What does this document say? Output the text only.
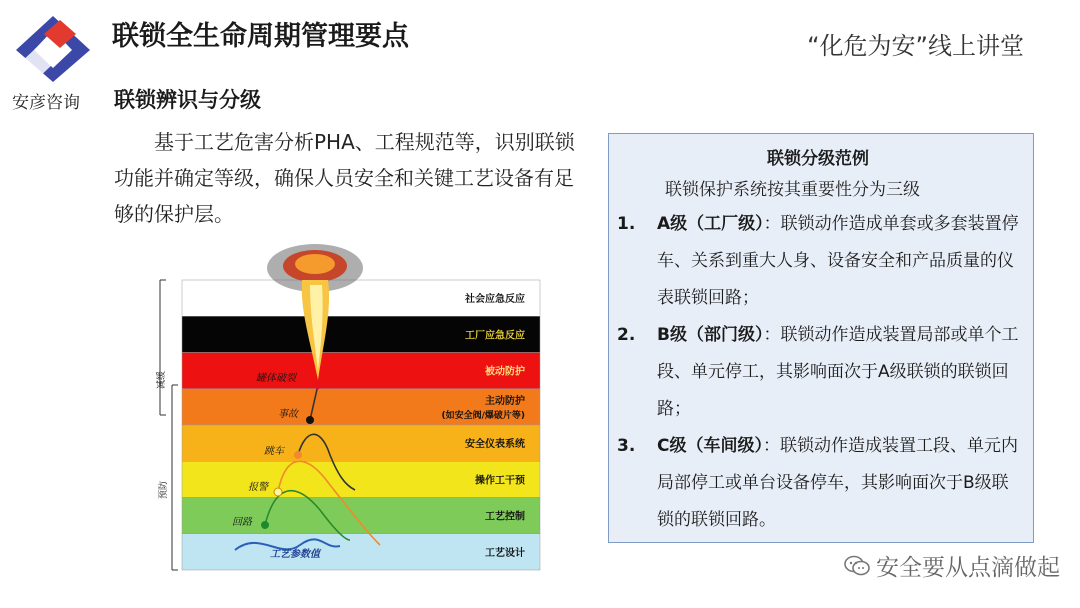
安彦咨询
联锁全生命周期管理要点	“化危为安”线上讲堂
联锁辨识与分级
基于工艺危害分析PHA、工程规范等，识别联锁功能并确定等级，确保人员安全和关键工艺设备有足够的保护层。
社会应急反应
工厂应急反应
被动防护
主动防护
(如安全阀/爆破片等)
安全仪表系统
操作工干预
工艺控制
工艺设计
减缓
预防
回路
报警
跳车
事故
罐体破裂
工艺参数值
联锁分级范例
联锁保护系统按其重要性分为三级
1.	A级（工厂级）：联锁动作造成单套或多套装置停车、关系到重大人身、设备安全和产品质量的仪表联锁回路；
2.	B级（部门级）：联锁动作造成装置局部或单个工段、单元停工，其影响面次于A级联锁的联锁回路；
3.	C级（车间级）：联锁动作造成装置工段、单元内局部停工或单台设备停车，其影响面次于B级联锁的联锁回路。
安全要从点滴做起
